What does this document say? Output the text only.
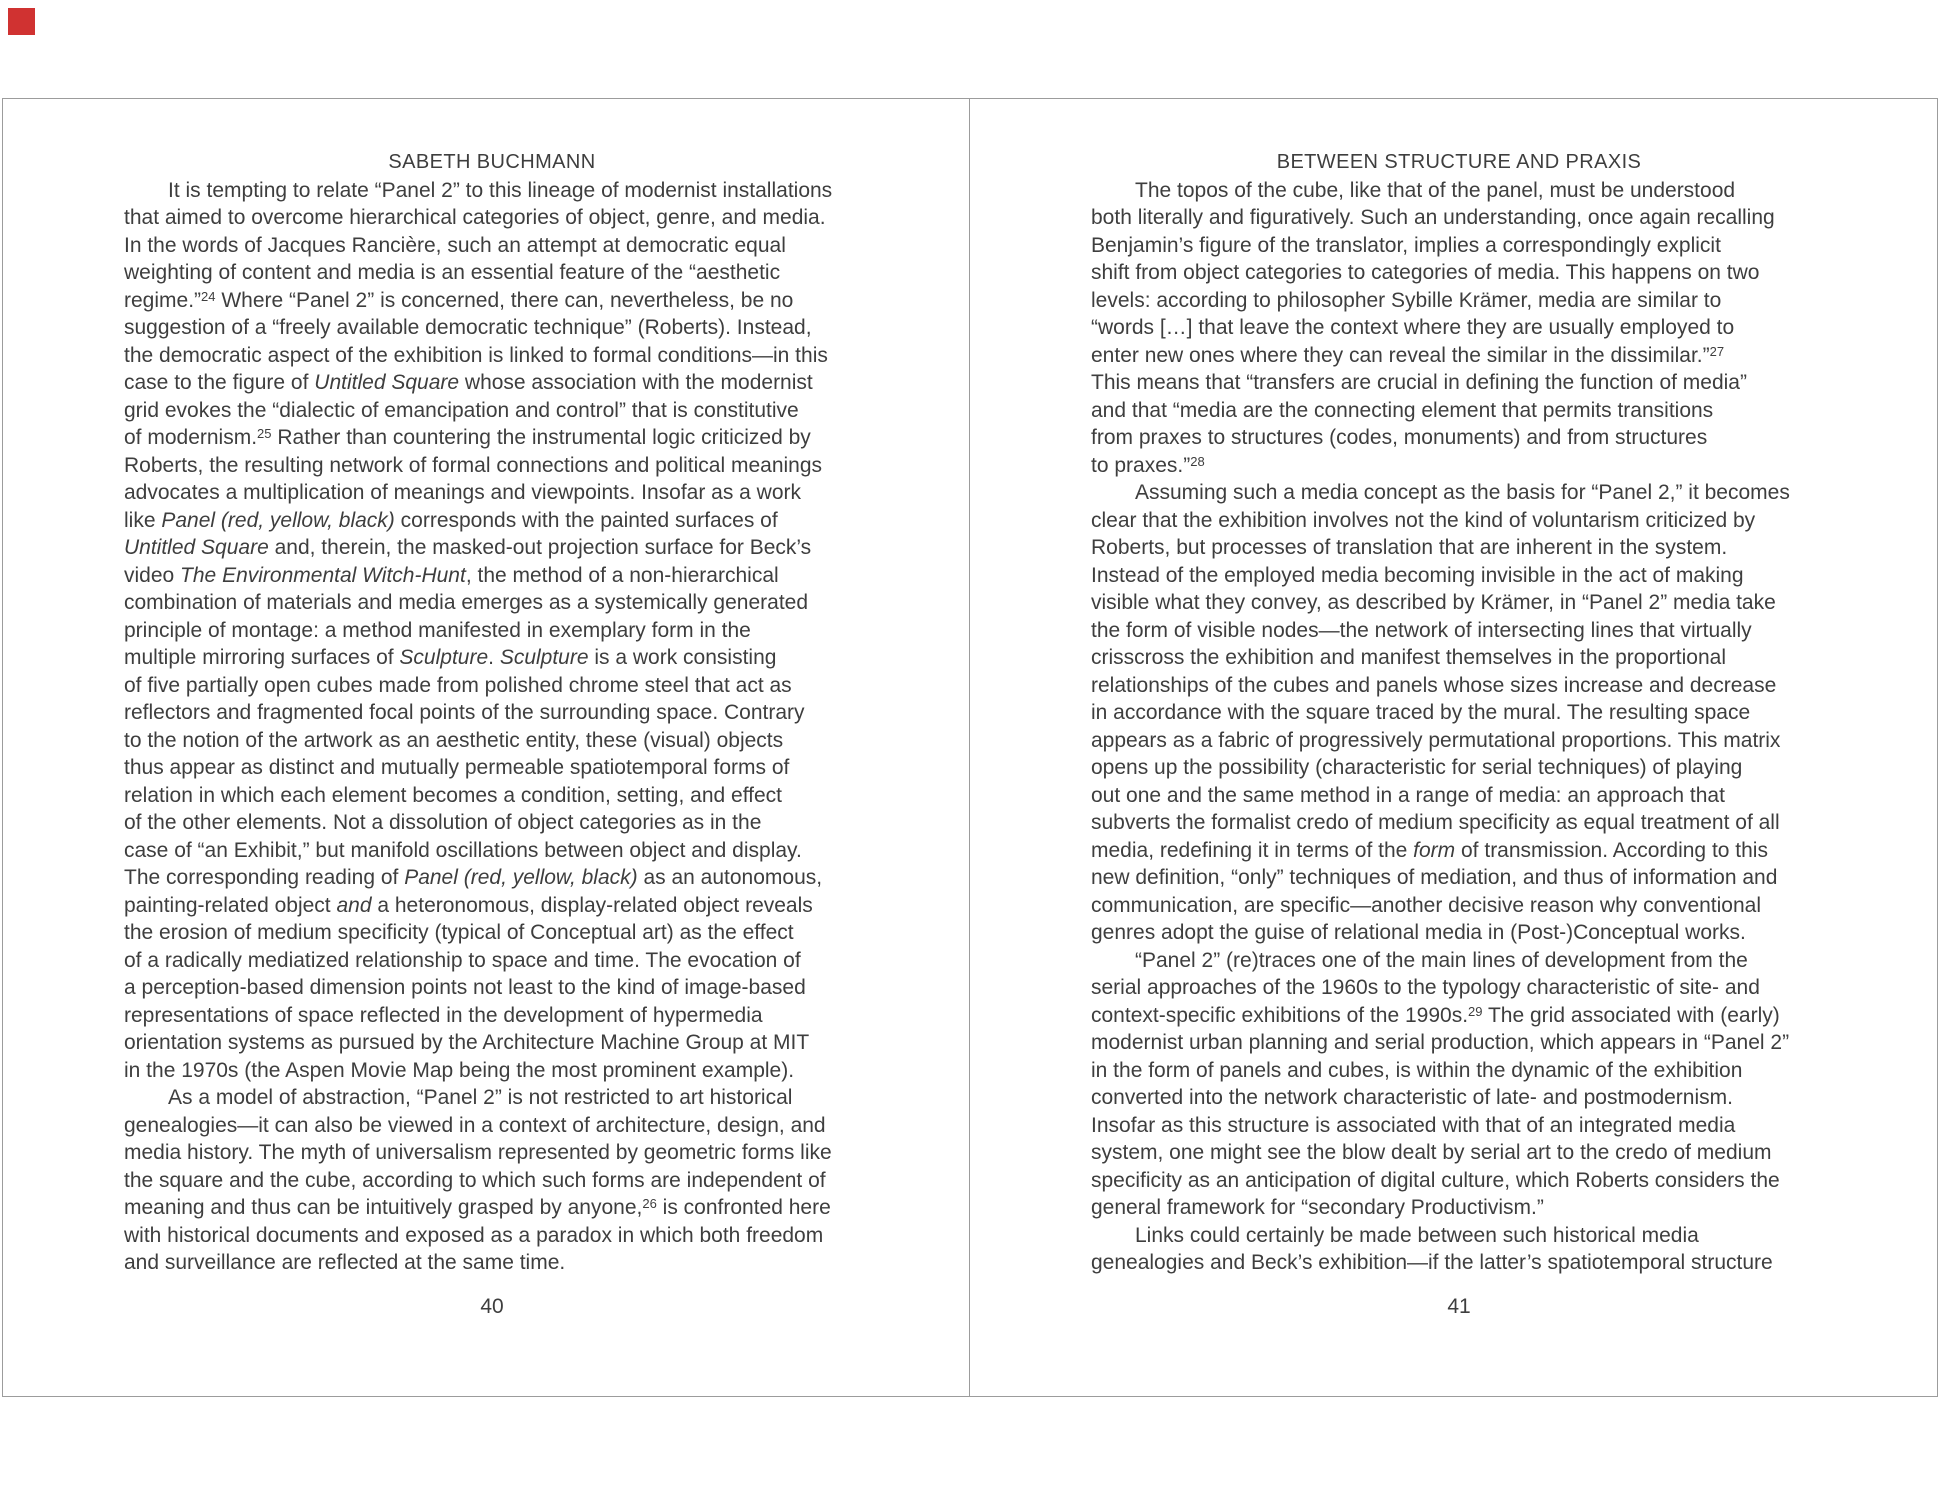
SABETH BUCHMANN
It is tempting to relate “Panel 2” to this lineage of modernist installations
that aimed to overcome hierarchical categories of object, genre, and media.
In the words of Jacques Rancière, such an attempt at democratic equal
weighting of content and media is an essential feature of the “aesthetic
regime.”$^{24}$ Where “Panel 2” is concerned, there can, nevertheless, be no
suggestion of a “freely available democratic technique” (Roberts). Instead,
the democratic aspect of the exhibition is linked to formal conditions—in this
case to the figure of Untitled Square whose association with the modernist
grid evokes the “dialectic of emancipation and control” that is constitutive
of modernism.$^{25}$ Rather than countering the instrumental logic criticized by
Roberts, the resulting network of formal connections and political meanings
advocates a multiplication of meanings and viewpoints. Insofar as a work
like Panel (red, yellow, black) corresponds with the painted surfaces of
Untitled Square and, therein, the masked-out projection surface for Beck’s
video The Environmental Witch-Hunt, the method of a non-hierarchical
combination of materials and media emerges as a systemically generated
principle of montage: a method manifested in exemplary form in the
multiple mirroring surfaces of Sculpture. Sculpture is a work consisting
of five partially open cubes made from polished chrome steel that act as
reflectors and fragmented focal points of the surrounding space. Contrary
to the notion of the artwork as an aesthetic entity, these (visual) objects
thus appear as distinct and mutually permeable spatiotemporal forms of
relation in which each element becomes a condition, setting, and effect
of the other elements. Not a dissolution of object categories as in the
case of “an Exhibit,” but manifold oscillations between object and display.
The corresponding reading of Panel (red, yellow, black) as an autonomous,
painting-related object and a heteronomous, display-related object reveals
the erosion of medium specificity (typical of Conceptual art) as the effect
of a radically mediatized relationship to space and time. The evocation of
a perception-based dimension points not least to the kind of image-based
representations of space reflected in the development of hypermedia
orientation systems as pursued by the Architecture Machine Group at MIT
in the 1970s (the Aspen Movie Map being the most prominent example).
As a model of abstraction, “Panel 2” is not restricted to art historical
genealogies—it can also be viewed in a context of architecture, design, and
media history. The myth of universalism represented by geometric forms like
the square and the cube, according to which such forms are independent of
meaning and thus can be intuitively grasped by anyone,$^{26}$ is confronted here
with historical documents and exposed as a paradox in which both freedom
and surveillance are reflected at the same time.
40
BETWEEN STRUCTURE AND PRAXIS
The topos of the cube, like that of the panel, must be understood
both literally and figuratively. Such an understanding, once again recalling
Benjamin’s figure of the translator, implies a correspondingly explicit
shift from object categories to categories of media. This happens on two
levels: according to philosopher Sybille Krämer, media are similar to
“words […] that leave the context where they are usually employed to
enter new ones where they can reveal the similar in the dissimilar.”$^{27}$
This means that “transfers are crucial in defining the function of media”
and that “media are the connecting element that permits transitions
from praxes to structures (codes, monuments) and from structures
to praxes.”$^{28}$
Assuming such a media concept as the basis for “Panel 2,” it becomes
clear that the exhibition involves not the kind of voluntarism criticized by
Roberts, but processes of translation that are inherent in the system.
Instead of the employed media becoming invisible in the act of making
visible what they convey, as described by Krämer, in “Panel 2” media take
the form of visible nodes—the network of intersecting lines that virtually
crisscross the exhibition and manifest themselves in the proportional
relationships of the cubes and panels whose sizes increase and decrease
in accordance with the square traced by the mural. The resulting space
appears as a fabric of progressively permutational proportions. This matrix
opens up the possibility (characteristic for serial techniques) of playing
out one and the same method in a range of media: an approach that
subverts the formalist credo of medium specificity as equal treatment of all
media, redefining it in terms of the form of transmission. According to this
new definition, “only” techniques of mediation, and thus of information and
communication, are specific—another decisive reason why conventional
genres adopt the guise of relational media in (Post-)Conceptual works.
“Panel 2” (re)traces one of the main lines of development from the
serial approaches of the 1960s to the typology characteristic of site- and
context-specific exhibitions of the 1990s.$^{29}$ The grid associated with (early)
modernist urban planning and serial production, which appears in “Panel 2”
in the form of panels and cubes, is within the dynamic of the exhibition
converted into the network characteristic of late- and postmodernism.
Insofar as this structure is associated with that of an integrated media
system, one might see the blow dealt by serial art to the credo of medium
specificity as an anticipation of digital culture, which Roberts considers the
general framework for “secondary Productivism.”
Links could certainly be made between such historical media
genealogies and Beck’s exhibition—if the latter’s spatiotemporal structure
41
